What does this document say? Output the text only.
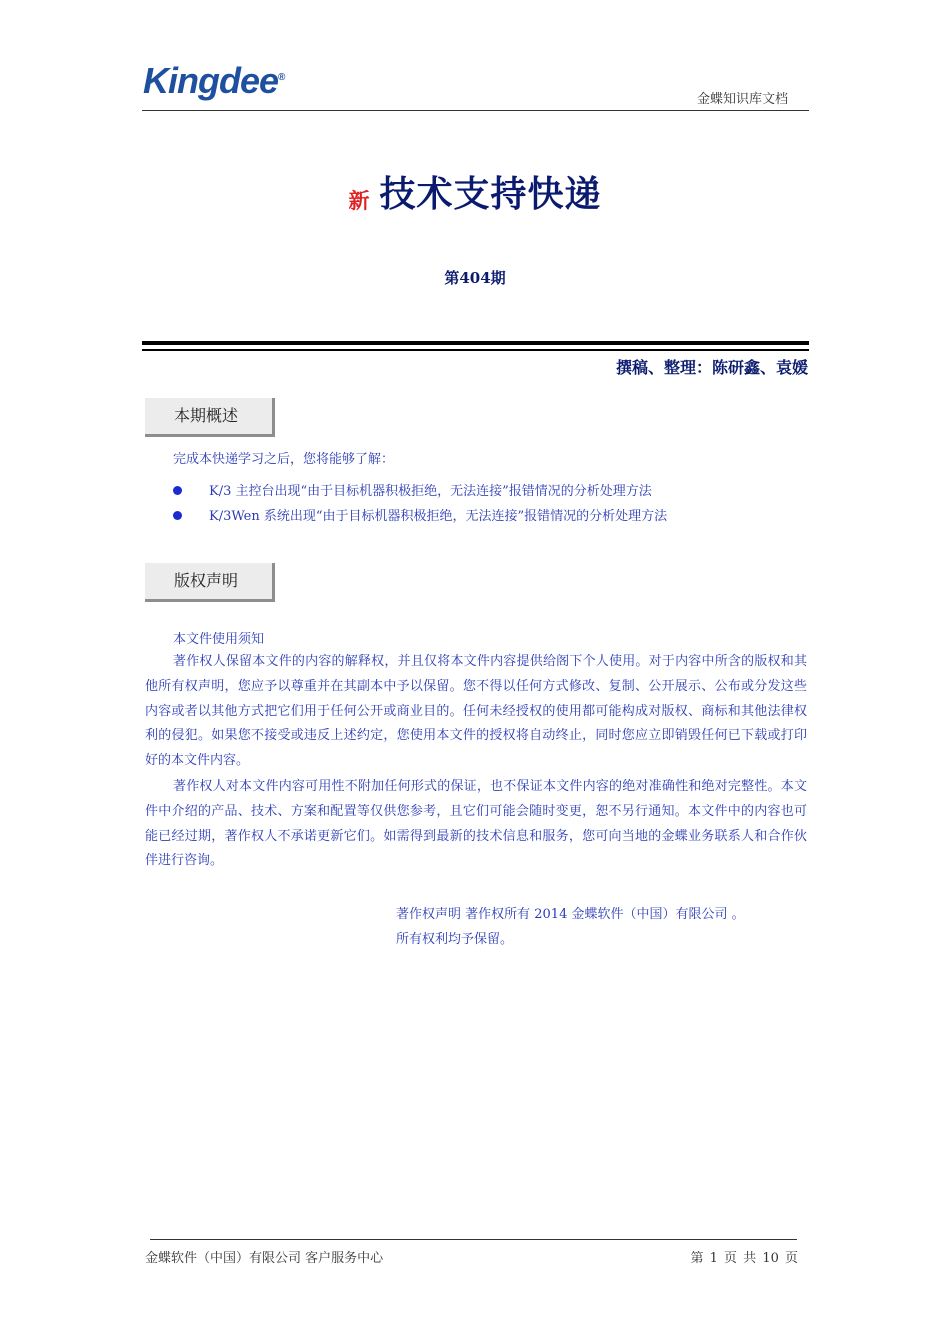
Kingdee®
金蝶知识库文档
新 技术支持快递
第404期
撰稿、整理：陈研鑫、袁媛
本期概述
完成本快递学习之后，您将能够了解：
K/3 主控台出现“由于目标机器积极拒绝，无法连接”报错情况的分析处理方法
K/3Wen 系统出现“由于目标机器积极拒绝，无法连接”报错情况的分析处理方法
版权声明
本文件使用须知
著作权人保留本文件的内容的解释权，并且仅将本文件内容提供给阁下个人使用。对于内容中所含的版权和其他所有权声明，您应予以尊重并在其副本中予以保留。您不得以任何方式修改、复制、公开展示、公布或分发这些内容或者以其他方式把它们用于任何公开或商业目的。任何未经授权的使用都可能构成对版权、商标和其他法律权利的侵犯。如果您不接受或违反上述约定，您使用本文件的授权将自动终止，同时您应立即销毁任何已下载或打印好的本文件内容。
著作权人对本文件内容可用性不附加任何形式的保证，也不保证本文件内容的绝对准确性和绝对完整性。本文件中介绍的产品、技术、方案和配置等仅供您参考，且它们可能会随时变更，恕不另行通知。本文件中的内容也可能已经过期，著作权人不承诺更新它们。如需得到最新的技术信息和服务，您可向当地的金蝶业务联系人和合作伙伴进行咨询。
著作权声明 著作权所有 2014 金蝶软件（中国）有限公司 。
所有权利均予保留。
金蝶软件（中国）有限公司 客户服务中心	第 1 页 共 10 页
